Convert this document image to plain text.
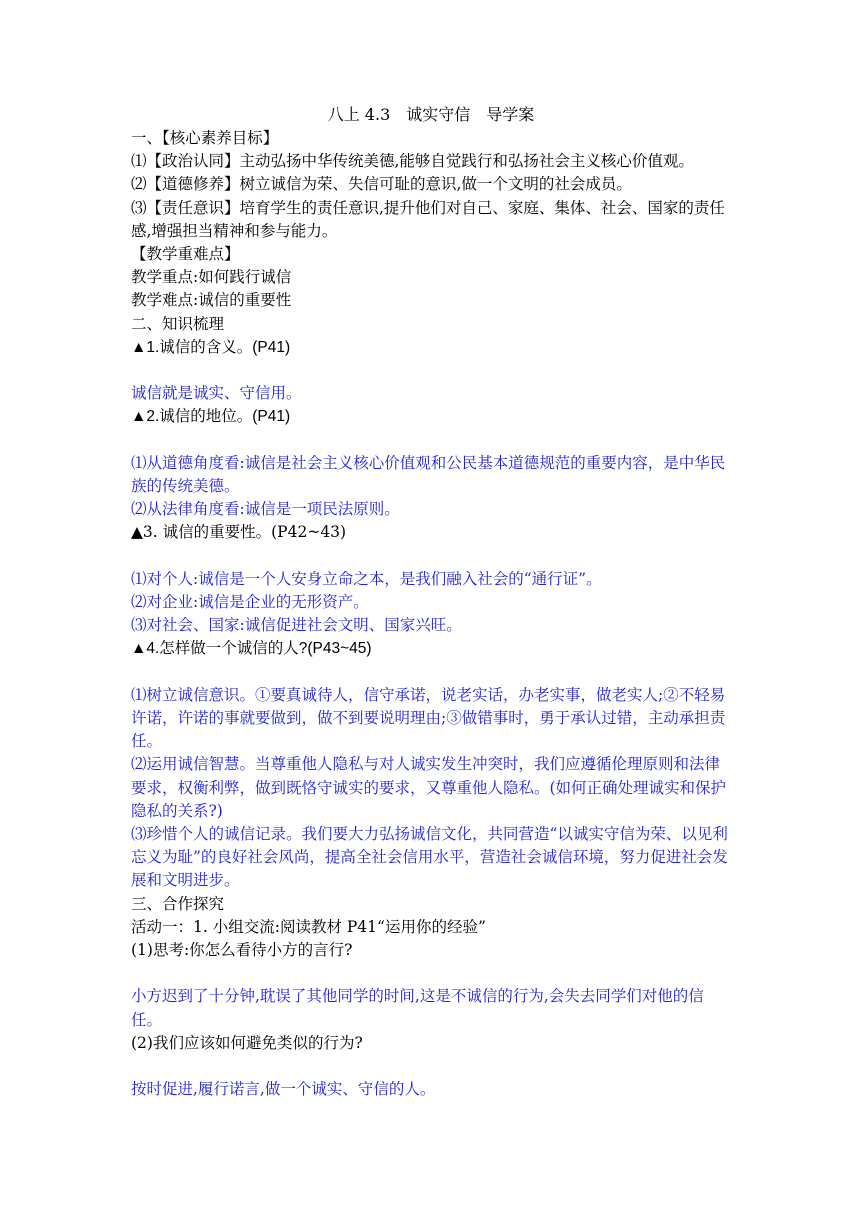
八上 4.3　诚实守信　导学案
一、【核心素养目标】
⑴【政治认同】主动弘扬中华传统美德,能够自觉践行和弘扬社会主义核心价值观。
⑵【道德修养】树立诚信为荣、失信可耻的意识,做一个文明的社会成员。
⑶【责任意识】培育学生的责任意识,提升他们对自己、家庭、集体、社会、国家的责任感,增强担当精神和参与能力。
【教学重难点】
教学重点:如何践行诚信
教学难点:诚信的重要性
二、知识梳理
▲1.诚信的含义。(P41)
诚信就是诚实、守信用。
▲2.诚信的地位。(P41)
⑴从道德角度看:诚信是社会主义核心价值观和公民基本道德规范的重要内容，是中华民族的传统美德。
⑵从法律角度看:诚信是一项民法原则。
▲3. 诚信的重要性。(P42~43)
⑴对个人:诚信是一个人安身立命之本，是我们融入社会的“通行证”。
⑵对企业:诚信是企业的无形资产。
⑶对社会、国家:诚信促进社会文明、国家兴旺。
▲4.怎样做一个诚信的人?(P43~45)
⑴树立诚信意识。①要真诚待人，信守承诺，说老实话，办老实事，做老实人;②不轻易许诺，许诺的事就要做到，做不到要说明理由;③做错事时，勇于承认过错，主动承担责任。
⑵运用诚信智慧。当尊重他人隐私与对人诚实发生冲突时，我们应遵循伦理原则和法律要求，权衡利弊，做到既恪守诚实的要求，又尊重他人隐私。(如何正确处理诚实和保护隐私的关系?)
⑶珍惜个人的诚信记录。我们要大力弘扬诚信文化，共同营造“以诚实守信为荣、以见利忘义为耻”的良好社会风尚，提高全社会信用水平，营造社会诚信环境，努力促进社会发展和文明进步。
三、合作探究
活动一：1. 小组交流:阅读教材 P41“运用你的经验”
(1)思考:你怎么看待小方的言行?
小方迟到了十分钟,耽误了其他同学的时间,这是不诚信的行为,会失去同学们对他的信任。
(2)我们应该如何避免类似的行为?
按时促进,履行诺言,做一个诚实、守信的人。
